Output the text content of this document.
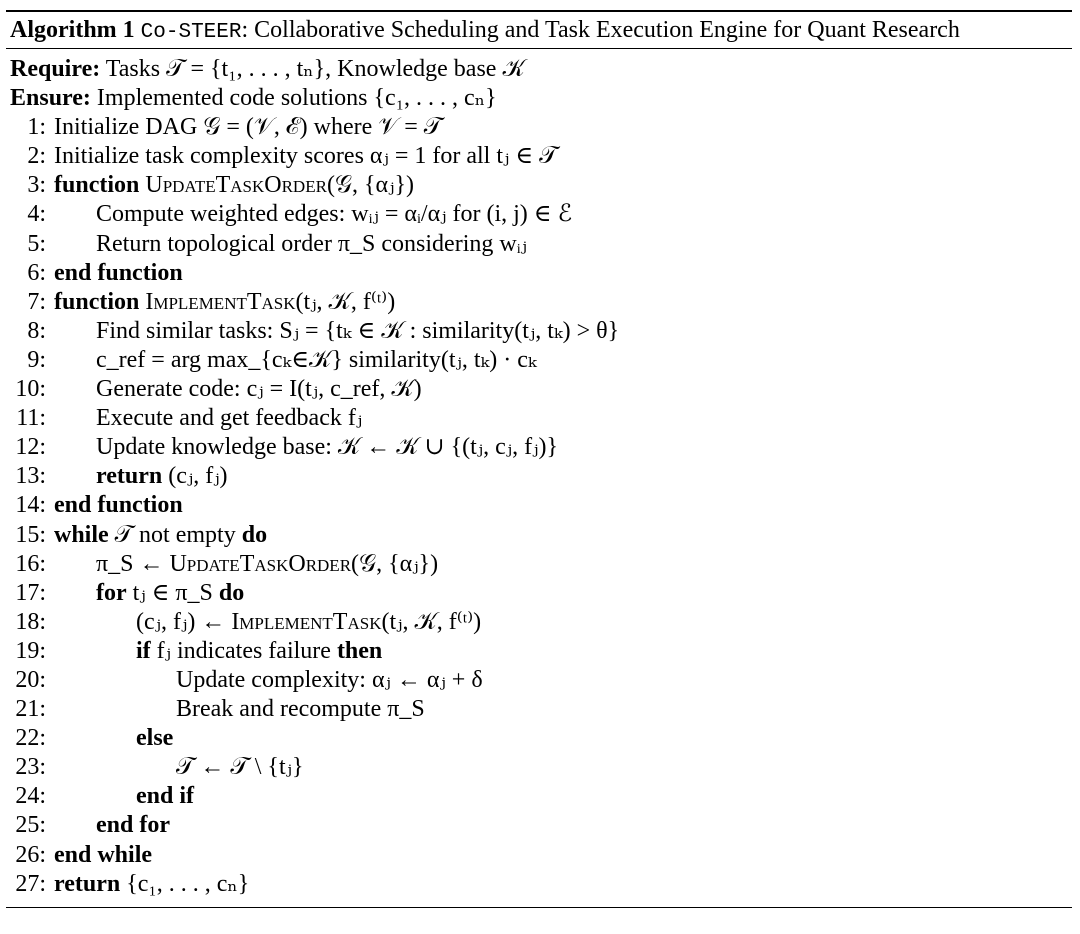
Algorithm 1 Co-STEER: Collaborative Scheduling and Task Execution Engine for Quant Research
Require: Tasks 𝒯 = {t₁, . . . , tₙ}, Knowledge base 𝒦
Ensure: Implemented code solutions {c₁, . . . , cₙ}
1: Initialize DAG 𝒢 = (𝒱, ℰ) where 𝒱 = 𝒯
2: Initialize task complexity scores αⱼ = 1 for all tⱼ ∈ 𝒯
3: function UpdateTaskOrder(𝒢, {αⱼ})
4:	Compute weighted edges: wᵢⱼ = αᵢ/αⱼ for (i, j) ∈ ℰ
5:	Return topological order π_S considering wᵢⱼ
6: end function
7: function ImplementTask(tⱼ, 𝒦, f⁽ᵗ⁾)
8:	Find similar tasks: Sⱼ = {tₖ ∈ 𝒦 : similarity(tⱼ, tₖ) > θ}
9:	c_ref = arg max_{cₖ∈𝒦} similarity(tⱼ, tₖ) · cₖ
10:	Generate code: cⱼ = I(tⱼ, c_ref, 𝒦)
11:	Execute and get feedback fⱼ
12:	Update knowledge base: 𝒦 ← 𝒦 ∪ {(tⱼ, cⱼ, fⱼ)}
13:	return (cⱼ, fⱼ)
14: end function
15: while 𝒯 not empty do
16:	π_S ← UpdateTaskOrder(𝒢, {αⱼ})
17:	for tⱼ ∈ π_S do
18:	(cⱼ, fⱼ) ← ImplementTask(tⱼ, 𝒦, f⁽ᵗ⁾)
19:	if fⱼ indicates failure then
20:	Update complexity: αⱼ ← αⱼ + δ
21:	Break and recompute π_S
22:	else
23:	𝒯 ← 𝒯 \ {tⱼ}
24:	end if
25:	end for
26: end while
27: return {c₁, . . . , cₙ}
